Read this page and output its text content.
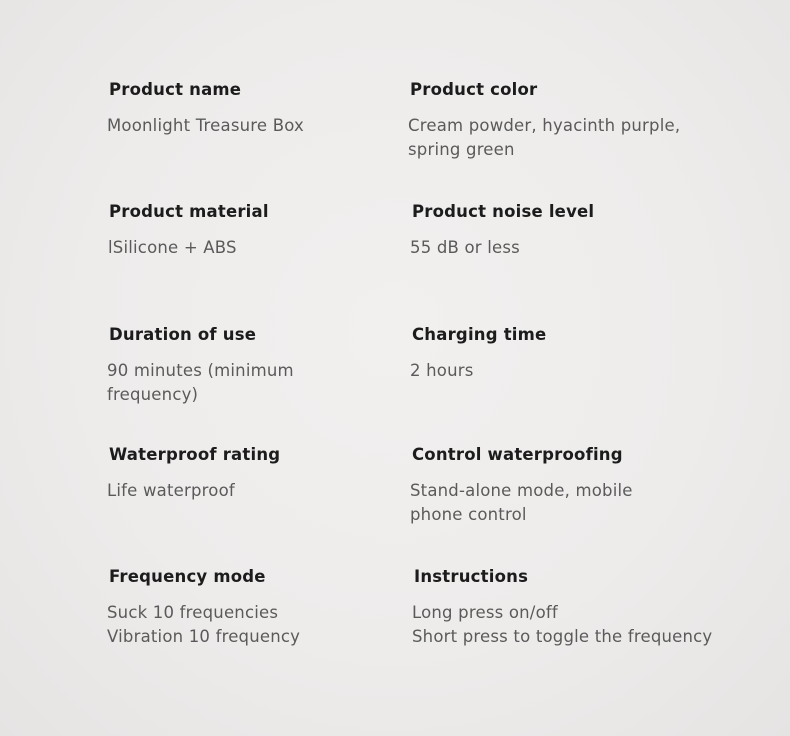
Product name
Moonlight Treasure Box
Product color
Cream powder, hyacinth purple,
spring green
Product material
lSilicone + ABS
Product noise level
55 dB or less
Duration of use
90 minutes (minimum
frequency)
Charging time
2 hours
Waterproof rating
Life waterproof
Control waterproofing
Stand-alone mode, mobile
phone control
Frequency mode
Suck 10 frequencies
Vibration 10 frequency
Instructions
Long press on/off
Short press to toggle the frequency
